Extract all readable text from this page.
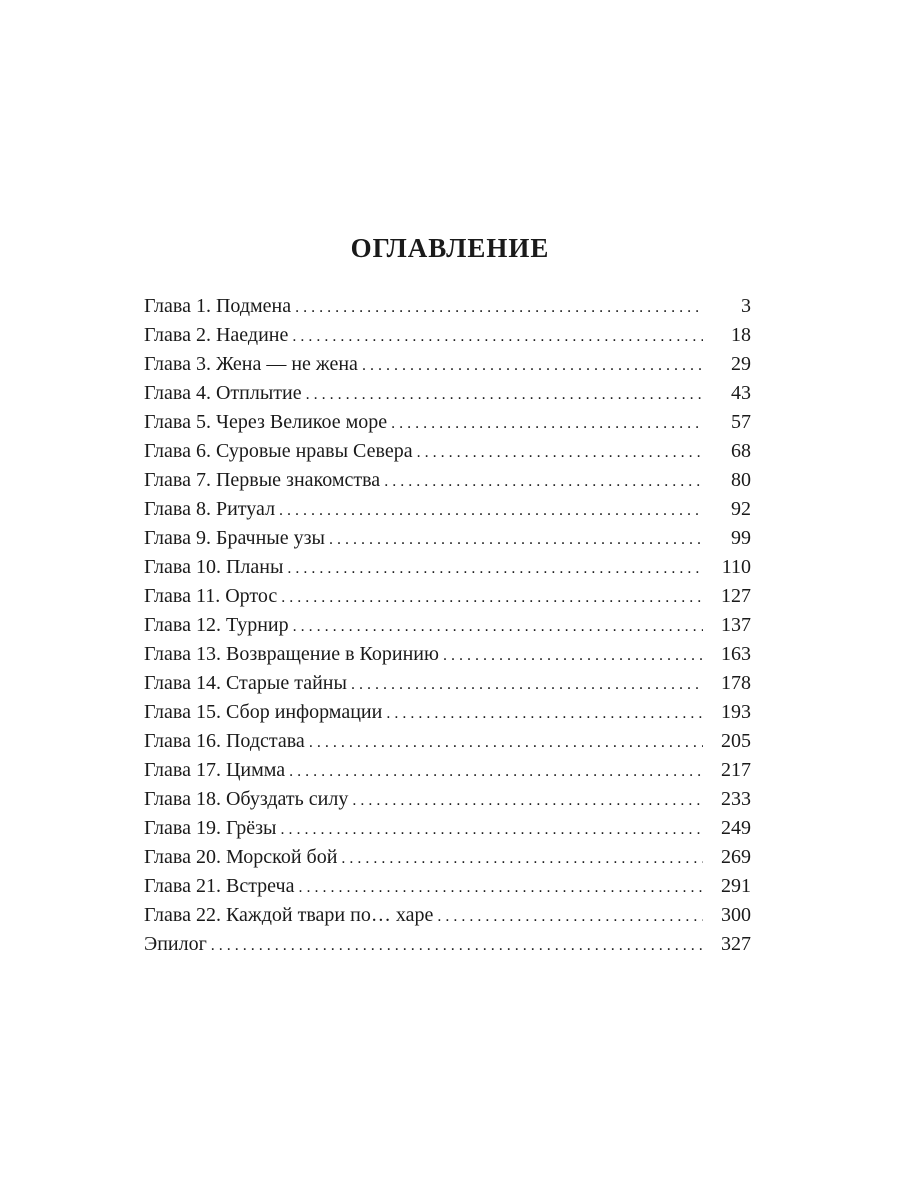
ОГЛАВЛЕНИЕ
Глава 1. Подмена . . .	3
Глава 2. Наедине . . .	18
Глава 3. Жена — не жена . . .	29
Глава 4. Отплытие . . .	43
Глава 5. Через Великое море . . .	57
Глава 6. Суровые нравы Севера . . .	68
Глава 7. Первые знакомства . . .	80
Глава 8. Ритуал . . .	92
Глава 9. Брачные узы . . .	99
Глава 10. Планы . . .	110
Глава 11. Ортос . . .	127
Глава 12. Турнир . . .	137
Глава 13. Возвращение в Коринию . . .	163
Глава 14. Старые тайны . . .	178
Глава 15. Сбор информации . . .	193
Глава 16. Подстава . . .	205
Глава 17. Цимма . . .	217
Глава 18. Обуздать силу . . .	233
Глава 19. Грёзы . . .	249
Глава 20. Морской бой . . .	269
Глава 21. Встреча . . .	291
Глава 22. Каждой твари по… харе . . .	300
Эпилог . . .	327
